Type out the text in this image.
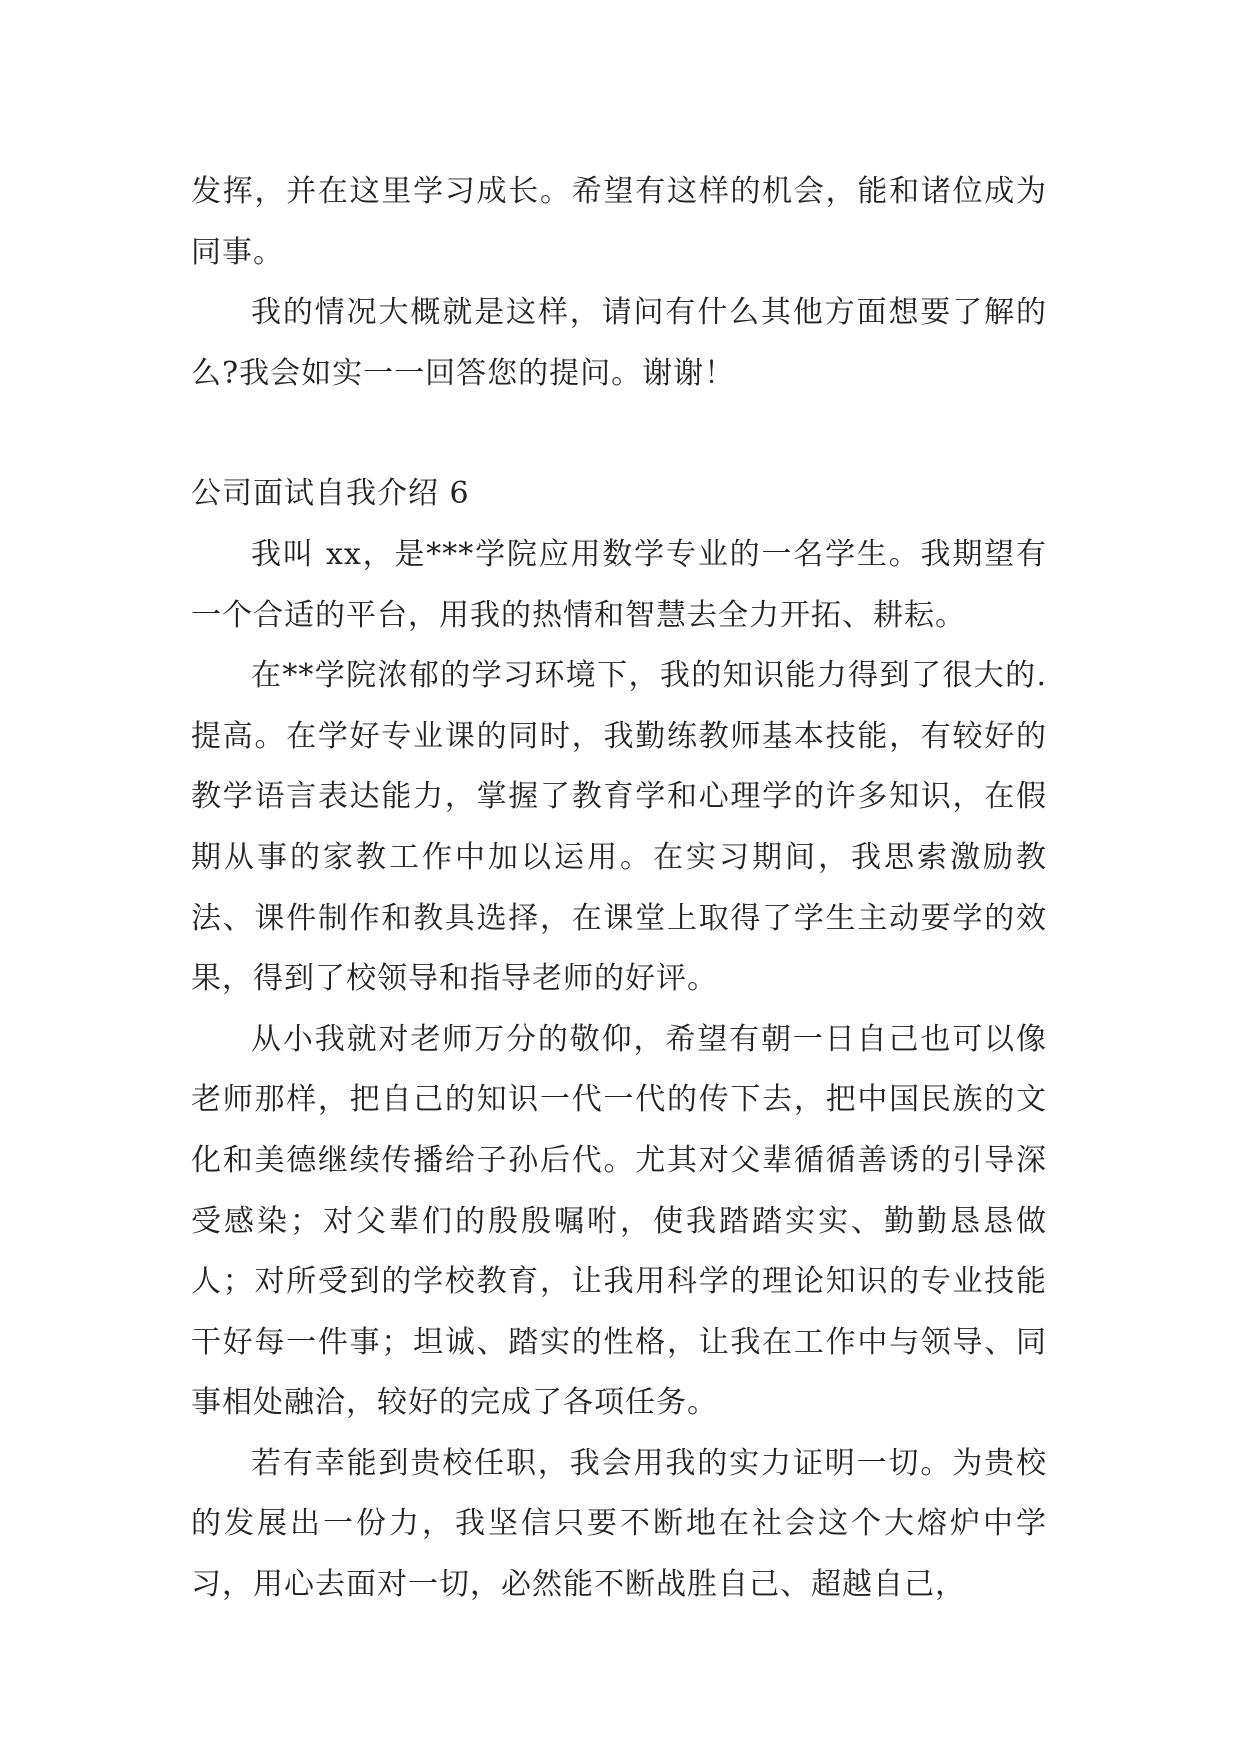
发挥，并在这里学习成长。希望有这样的机会，能和诸位成为同事。

我的情况大概就是这样，请问有什么其他方面想要了解的么?我会如实一一回答您的提问。谢谢！

公司面试自我介绍 6

我叫 xx，是***学院应用数学专业的一名学生。我期望有一个合适的平台，用我的热情和智慧去全力开拓、耕耘。

在**学院浓郁的学习环境下，我的知识能力得到了很大的.提高。在学好专业课的同时，我勤练教师基本技能，有较好的教学语言表达能力，掌握了教育学和心理学的许多知识，在假期从事的家教工作中加以运用。在实习期间，我思索激励教法、课件制作和教具选择，在课堂上取得了学生主动要学的效果，得到了校领导和指导老师的好评。

从小我就对老师万分的敬仰，希望有朝一日自己也可以像老师那样，把自己的知识一代一代的传下去，把中国民族的文化和美德继续传播给子孙后代。尤其对父辈循循善诱的引导深受感染；对父辈们的殷殷嘱咐，使我踏踏实实、勤勤恳恳做人；对所受到的学校教育，让我用科学的理论知识的专业技能干好每一件事；坦诚、踏实的性格，让我在工作中与领导、同事相处融洽，较好的完成了各项任务。

若有幸能到贵校任职，我会用我的实力证明一切。为贵校的发展出一份力，我坚信只要不断地在社会这个大熔炉中学习，用心去面对一切，必然能不断战胜自己、超越自己，
